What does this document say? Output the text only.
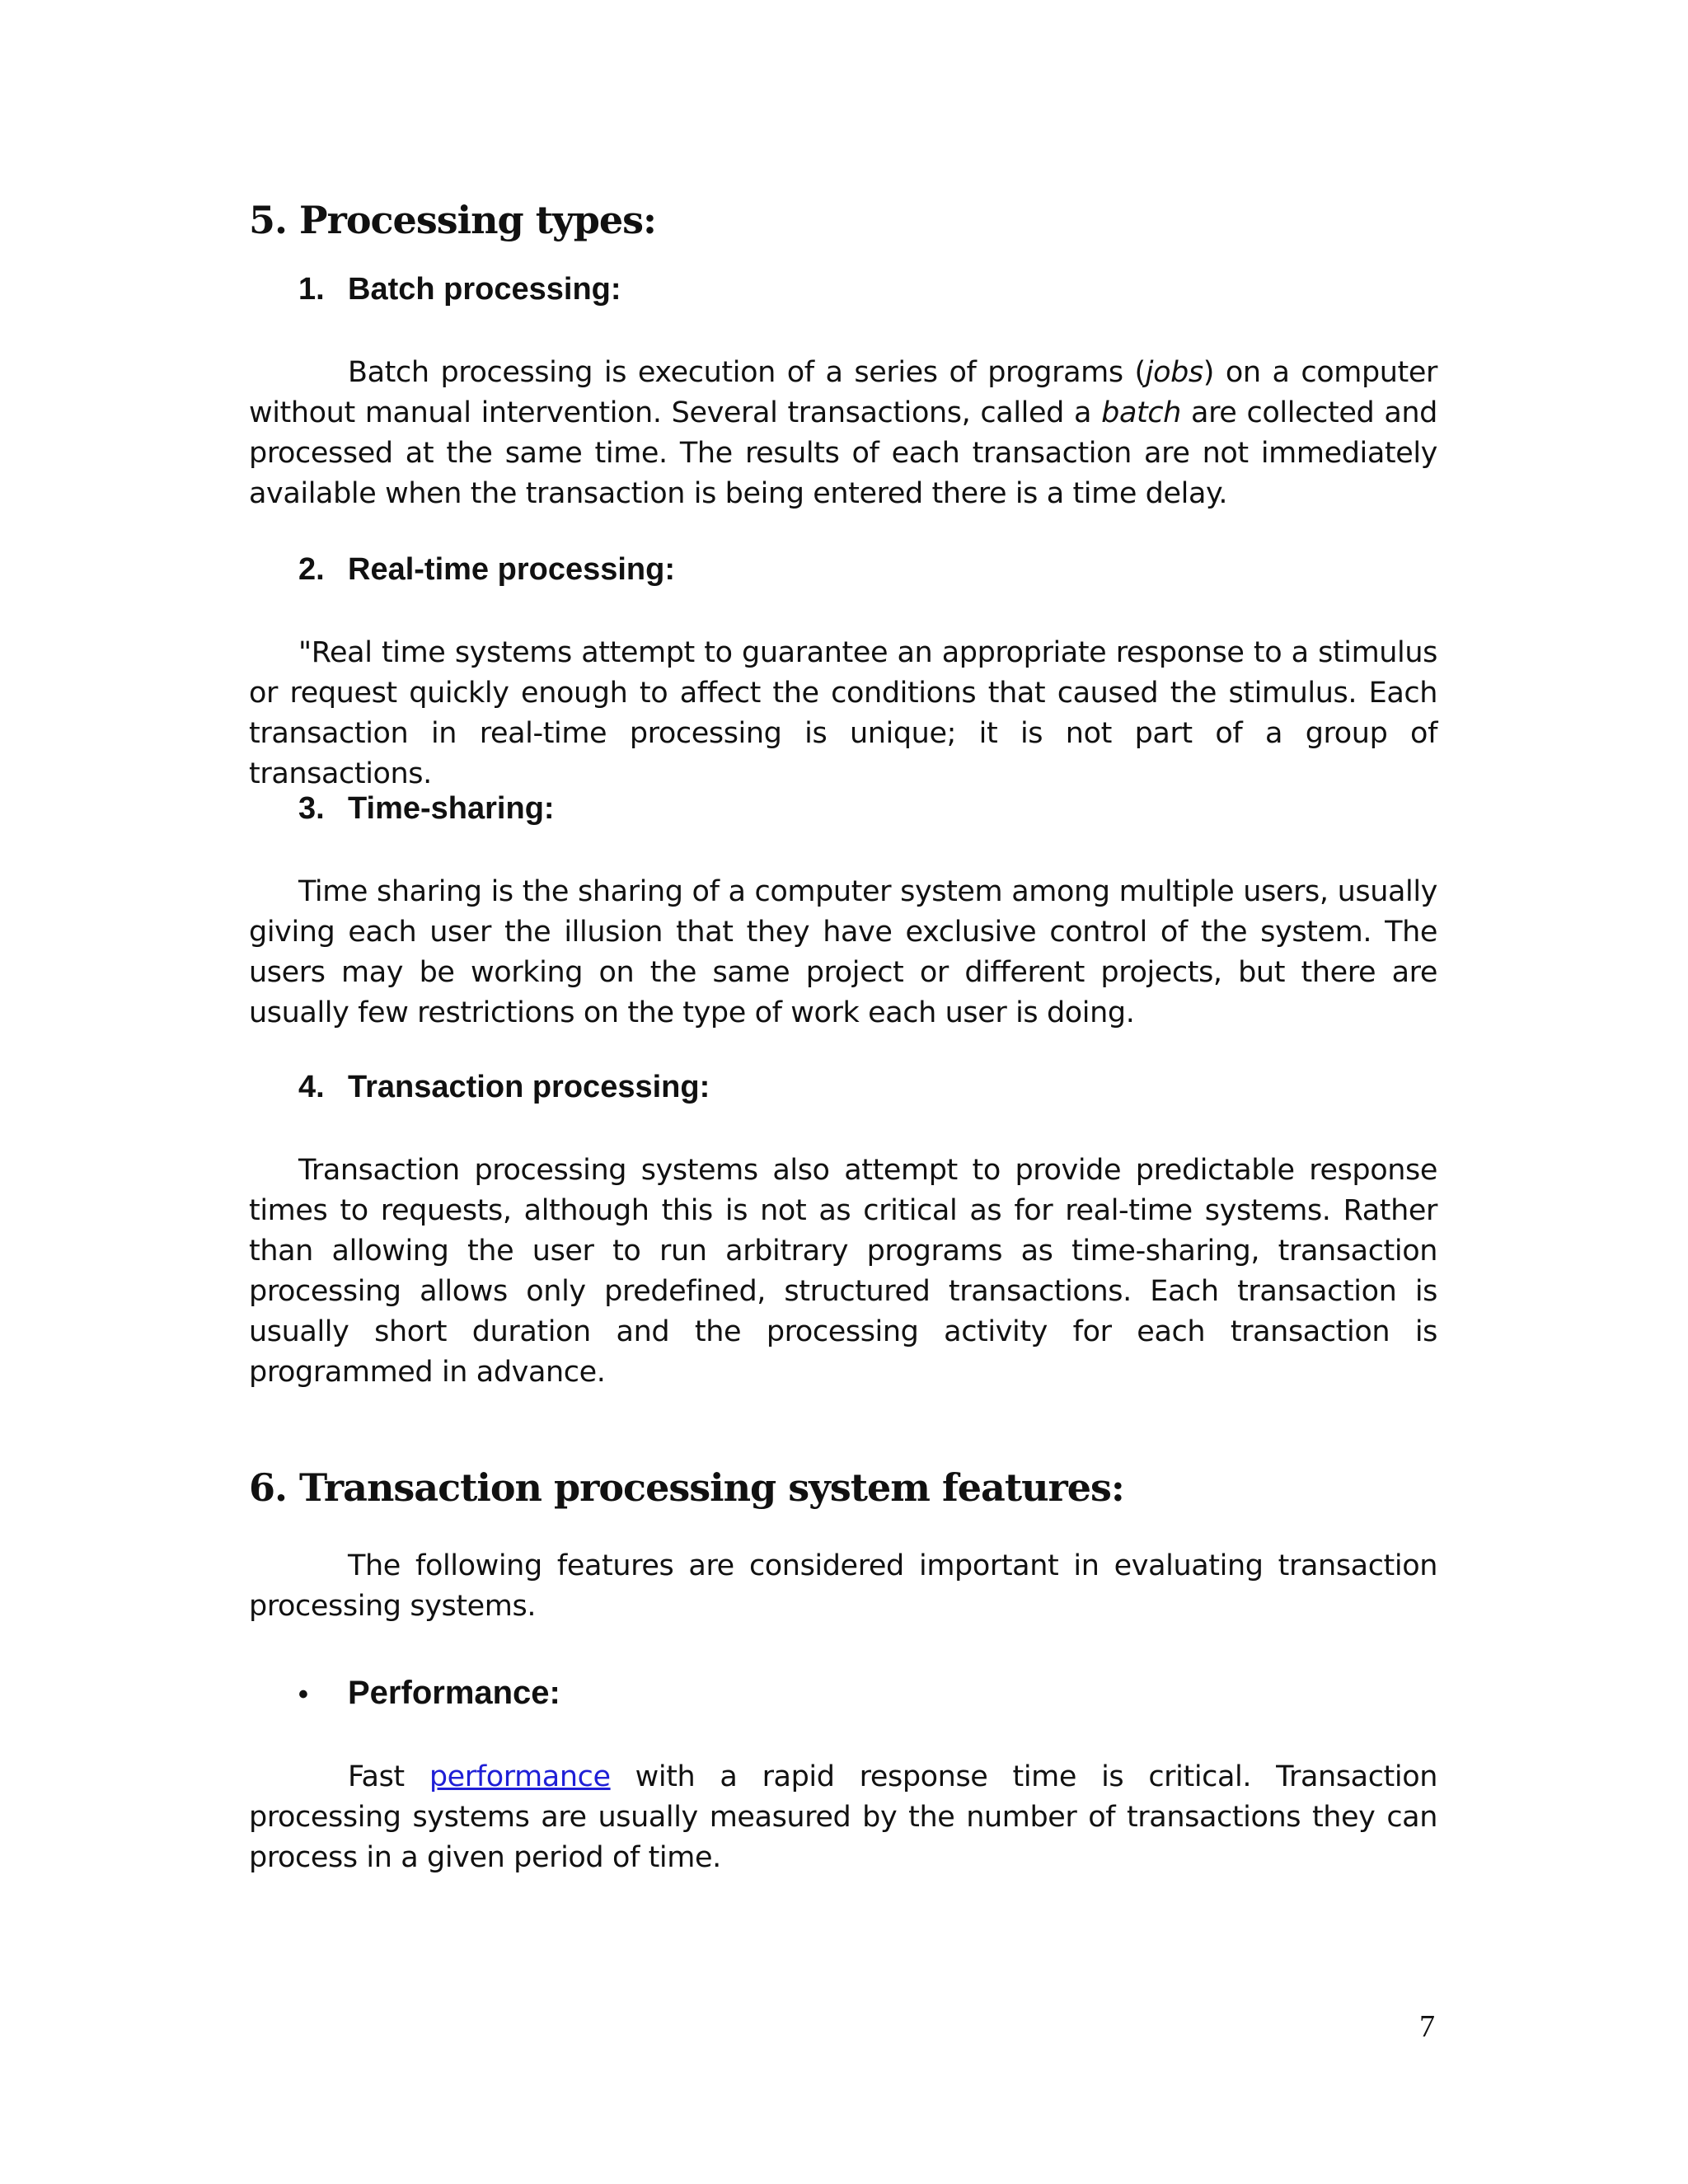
5. Processing types:
1. Batch processing:

Batch processing is execution of a series of programs (jobs) on a computer without manual intervention. Several transactions, called a batch are collected and processed at the same time. The results of each transaction are not immediately available when the transaction is being entered there is a time delay.

2. Real-time processing:

"Real time systems attempt to guarantee an appropriate response to a stimulus or request quickly enough to affect the conditions that caused the stimulus. Each transaction in real-time processing is unique; it is not part of a group of transactions.

3. Time-sharing:

Time sharing is the sharing of a computer system among multiple users, usually giving each user the illusion that they have exclusive control of the system. The users may be working on the same project or different projects, but there are usually few restrictions on the type of work each user is doing.

4. Transaction processing:

Transaction processing systems also attempt to provide predictable response times to requests, although this is not as critical as for real-time systems. Rather than allowing the user to run arbitrary programs as time-sharing, transaction processing allows only predefined, structured transactions. Each transaction is usually short duration and the processing activity for each transaction is programmed in advance.

6. Transaction processing system features:

The following features are considered important in evaluating transaction processing systems.

•	Performance:

Fast performance with a rapid response time is critical. Transaction processing systems are usually measured by the number of transactions they can process in a given period of time.

7
